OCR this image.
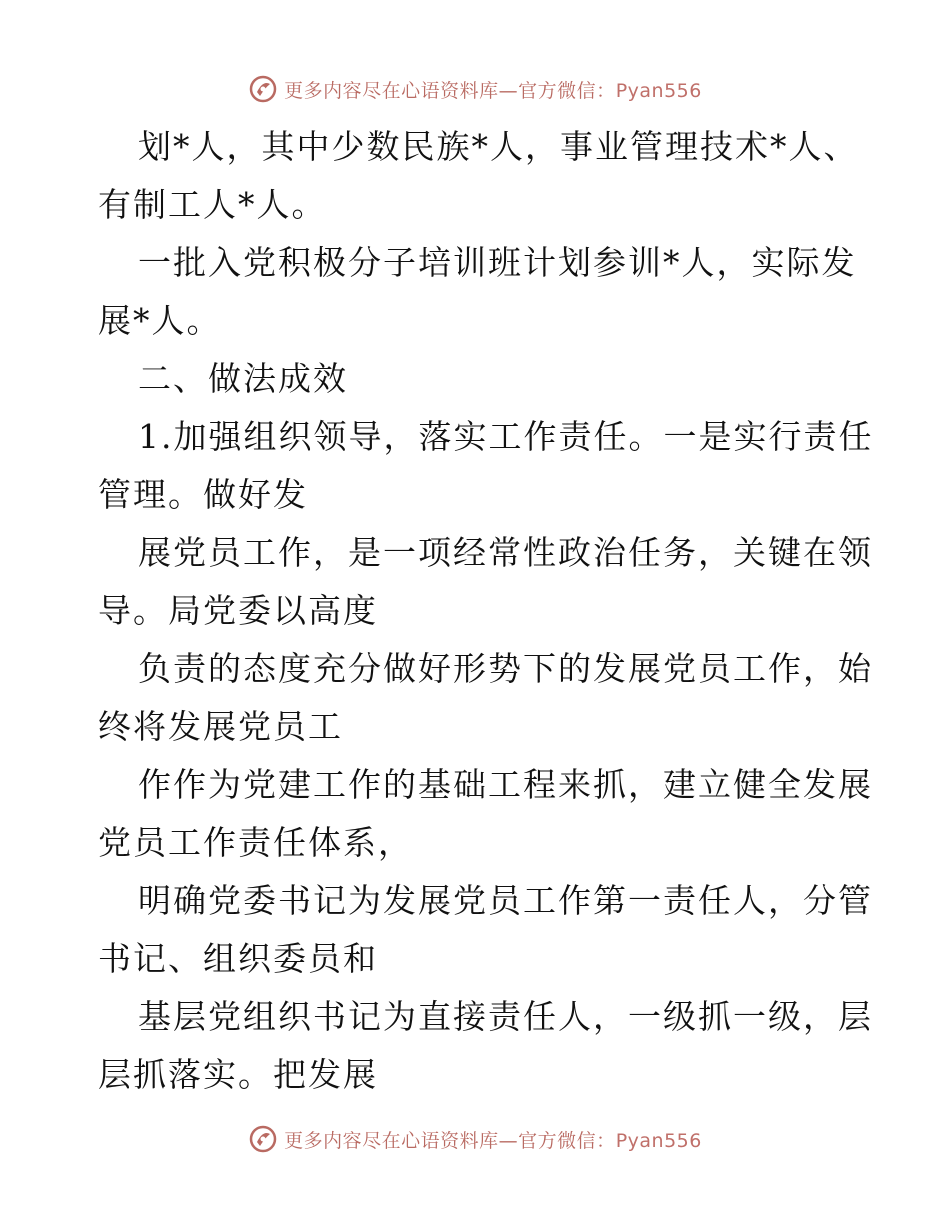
更多内容尽在心语资料库—官方微信：Pyan556

划*人，其中少数民族*人，事业管理技术*人、

有制工人*人。

一批入党积极分子培训班计划参训*人，实际发

展*人。

二、做法成效

1.加强组织领导，落实工作责任。一是实行责任

管理。做好发

展党员工作，是一项经常性政治任务，关键在领

导。局党委以高度

负责的态度充分做好形势下的发展党员工作，始

终将发展党员工

作作为党建工作的基础工程来抓，建立健全发展

党员工作责任体系，

明确党委书记为发展党员工作第一责任人，分管

书记、组织委员和

基层党组织书记为直接责任人，一级抓一级，层

层抓落实。把发展

更多内容尽在心语资料库—官方微信：Pyan556
